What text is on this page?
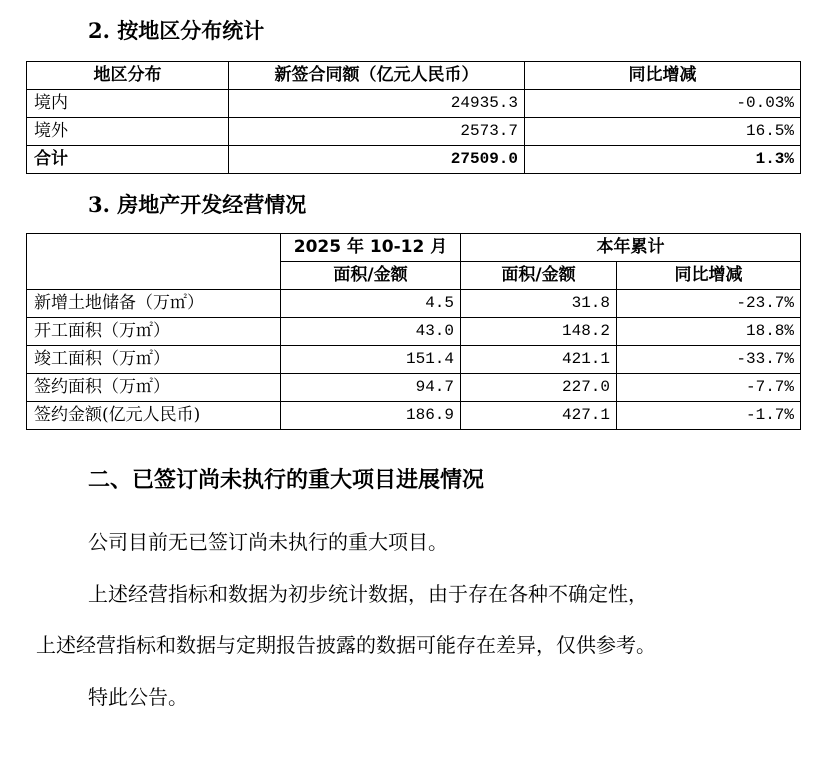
2. 按地区分布统计
地区分布	新签合同额（亿元人民币）	同比增减
境内	24935.3	-0.03%
境外	2573.7	16.5%
合计	27509.0	1.3%
3. 房地产开发经营情况
	2025 年 10-12 月	本年累计	
	面积/金额	面积/金额	同比增减
新增土地储备（万㎡）	4.5	31.8	-23.7%
开工面积（万㎡）	43.0	148.2	18.8%
竣工面积（万㎡）	151.4	421.1	-33.7%
签约面积（万㎡）	94.7	227.0	-7.7%
签约金额(亿元人民币)	186.9	427.1	-1.7%
二、已签订尚未执行的重大项目进展情况
公司目前无已签订尚未执行的重大项目。
上述经营指标和数据为初步统计数据，由于存在各种不确定性，
上述经营指标和数据与定期报告披露的数据可能存在差异，仅供参考。
特此公告。
